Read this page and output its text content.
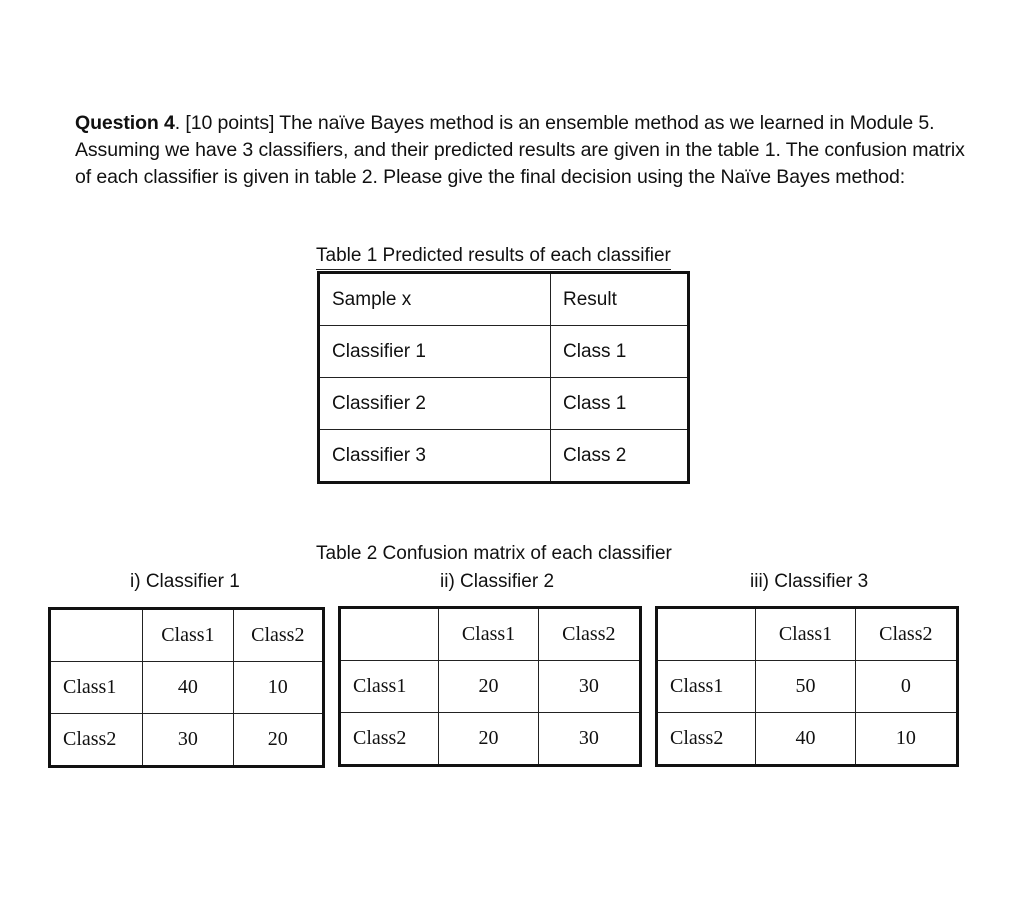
Question 4. [10 points] The naïve Bayes method is an ensemble method as we learned in Module 5. Assuming we have 3 classifiers, and their predicted results are given in the table 1. The confusion matrix of each classifier is given in table 2. Please give the final decision using the Naïve Bayes method:
Table 1 Predicted results of each classifier
Sample x	Result
Classifier 1	Class 1
Classifier 2	Class 1
Classifier 3	Class 2
Table 2 Confusion matrix of each classifier
i) Classifier 1	ii) Classifier 2	iii) Classifier 3
	Class1	Class2
Class1	40	10
Class2	30	20
	Class1	Class2
Class1	20	30
Class2	20	30
	Class1	Class2
Class1	50	0
Class2	40	10
